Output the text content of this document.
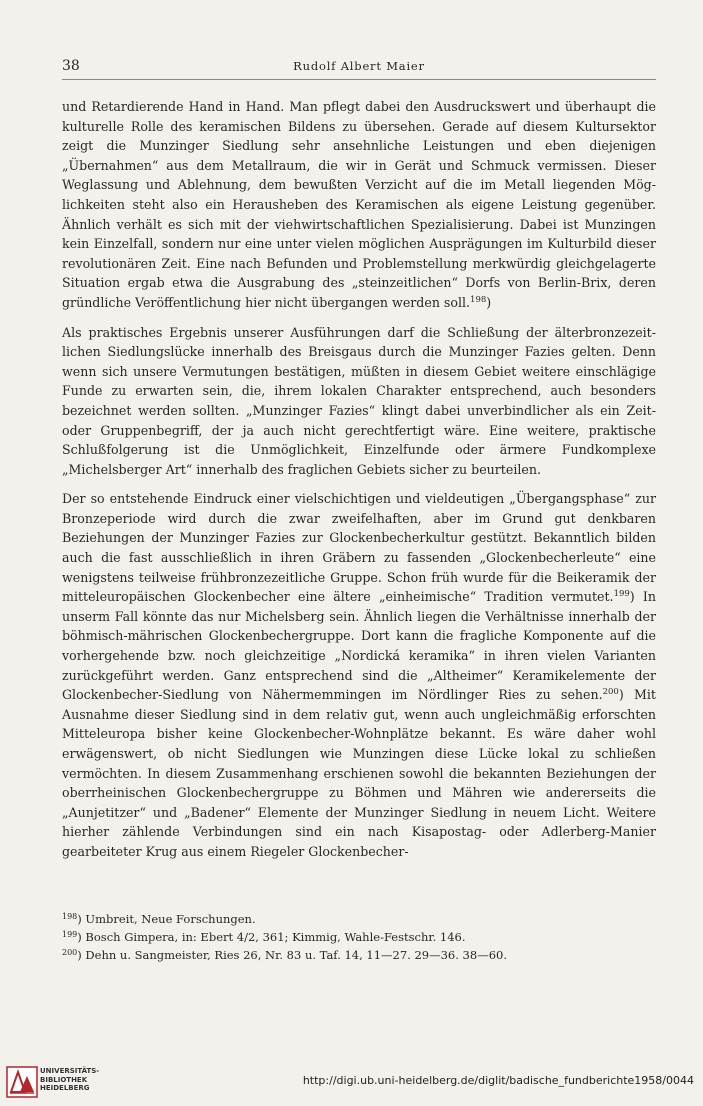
38	Rudolf Albert Maier

und Retardierende Hand in Hand. Man pflegt dabei den Ausdruckswert und überhaupt die kulturelle Rolle des keramischen Bildens zu übersehen. Gerade auf diesem Kultursektor zeigt die Munzinger Siedlung sehr ansehnliche Leistungen und eben diejenigen „Übernahmen“ aus dem Metallraum, die wir in Gerät und Schmuck vermissen. Dieser Weglassung und Ablehnung, dem bewußten Verzicht auf die im Metall liegenden Möglichkeiten steht also ein Herausheben des Keramischen als eigene Leistung gegenüber. Ähnlich verhält es sich mit der viehwirtschaftlichen Spezialisierung. Dabei ist Munzingen kein Einzelfall, sondern nur eine unter vielen möglichen Ausprägungen im Kulturbild dieser revolutionären Zeit. Eine nach Befunden und Problemstellung merkwürdig gleichgelagerte Situation ergab etwa die Ausgrabung des „steinzeitlichen“ Dorfs von Berlin-Brix, deren gründliche Veröffentlichung hier nicht übergangen werden soll.$^{198}$)

Als praktisches Ergebnis unserer Ausführungen darf die Schließung der älterbronzezeitlichen Siedlungslücke innerhalb des Breisgaus durch die Munzinger Fazies gelten. Denn wenn sich unsere Vermutungen bestätigen, müßten in diesem Gebiet weitere einschlägige Funde zu erwarten sein, die, ihrem lokalen Charakter entsprechend, auch besonders bezeichnet werden sollten. „Munzinger Fazies“ klingt dabei unverbindlicher als ein Zeit- oder Gruppenbegriff, der ja auch nicht gerechtfertigt wäre. Eine weitere, praktische Schlußfolgerung ist die Unmöglichkeit, Einzelfunde oder ärmere Fundkomplexe „Michelsberger Art“ innerhalb des fraglichen Gebiets sicher zu beurteilen.

Der so entstehende Eindruck einer vielschichtigen und vieldeutigen „Übergangsphase“ zur Bronzeperiode wird durch die zwar zweifelhaften, aber im Grund gut denkbaren Beziehungen der Munzinger Fazies zur Glockenbecherkultur gestützt. Bekanntlich bilden auch die fast ausschließlich in ihren Gräbern zu fassenden „Glockenbecherleute“ eine wenigstens teilweise frühbronzezeitliche Gruppe. Schon früh wurde für die Beikeramik der mitteleuropäischen Glockenbecher eine ältere „einheimische“ Tradition vermutet.$^{199}$) In unserm Fall könnte das nur Michelsberg sein. Ähnlich liegen die Verhältnisse innerhalb der böhmisch-mährischen Glockenbechergruppe. Dort kann die fragliche Komponente auf die vorhergehende bzw. noch gleichzeitige „Nordická keramika“ in ihren vielen Varianten zurückgeführt werden. Ganz entsprechend sind die „Altheimer“ Keramikelemente der Glockenbecher-Siedlung von Nähermemmingen im Nördlinger Ries zu sehen.$^{200}$) Mit Ausnahme dieser Siedlung sind in dem relativ gut, wenn auch ungleichmäßig erforschten Mitteleuropa bisher keine Glockenbecher-Wohnplätze bekannt. Es wäre daher wohl erwägenswert, ob nicht Siedlungen wie Munzingen diese Lücke lokal zu schließen vermöchten. In diesem Zusammenhang erschienen sowohl die bekannten Beziehungen der oberrheinischen Glockenbechergruppe zu Böhmen und Mähren wie andererseits die „Aunjetitzer“ und „Badener“ Elemente der Munzinger Siedlung in neuem Licht. Weitere hierher zählende Verbindungen sind ein nach Kisapostag- oder Adlerberg-Manier gearbeiteter Krug aus einem Riegeler Glockenbecher-

$^{198}$) Umbreit, Neue Forschungen.

$^{199}$) Bosch Gimpera, in: Ebert 4/2, 361; Kimmig, Wahle-Festschr. 146.

$^{200}$) Dehn u. Sangmeister, Ries 26, Nr. 83 u. Taf. 14, 11—27. 29—36. 38—60.

UNIVERSITÄTS-
BIBLIOTHEK
HEIDELBERG
http://digi.ub.uni-heidelberg.de/diglit/badische_fundberichte1958/0044
